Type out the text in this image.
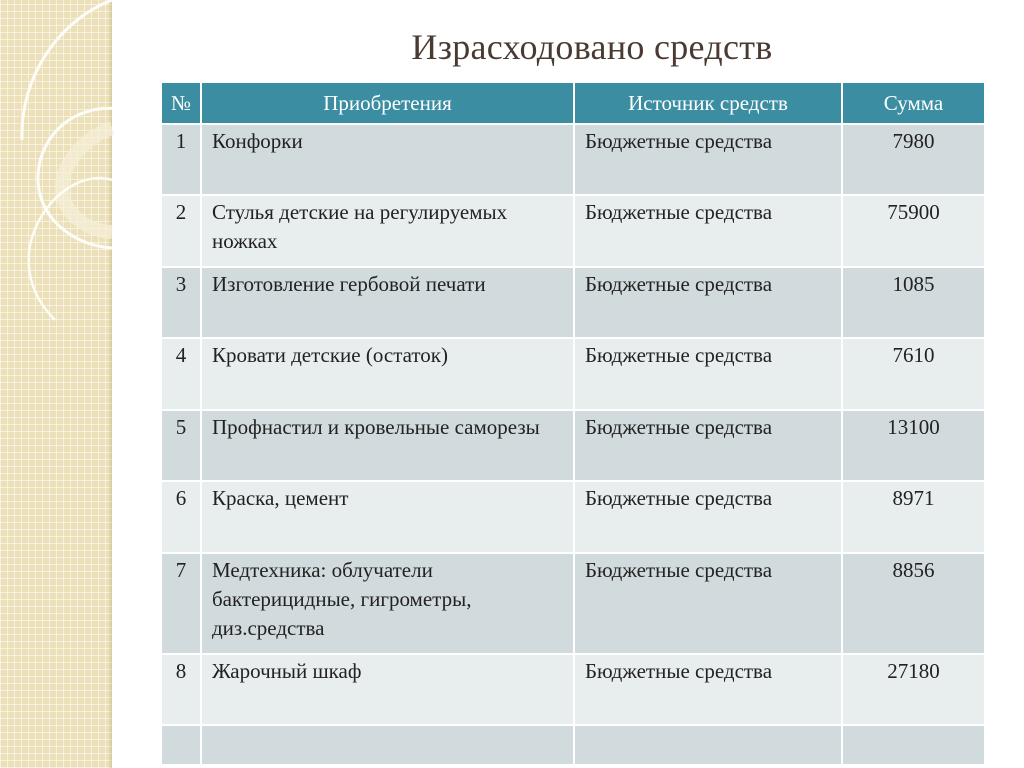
Израсходовано средств
№	Приобретения	Источник средств	Сумма
1	Конфорки	Бюджетные средства	7980
2	Стулья детские на регулируемых ножках	Бюджетные средства	75900
3	Изготовление гербовой печати	Бюджетные средства	1085
4	Кровати детские (остаток)	Бюджетные средства	7610
5	Профнастил и кровельные саморезы	Бюджетные средства	13100
6	Краска, цемент	Бюджетные средства	8971
7	Медтехника: облучатели бактерицидные, гигрометры, диз.средства	Бюджетные средства	8856
8	Жарочный шкаф	Бюджетные средства	27180
